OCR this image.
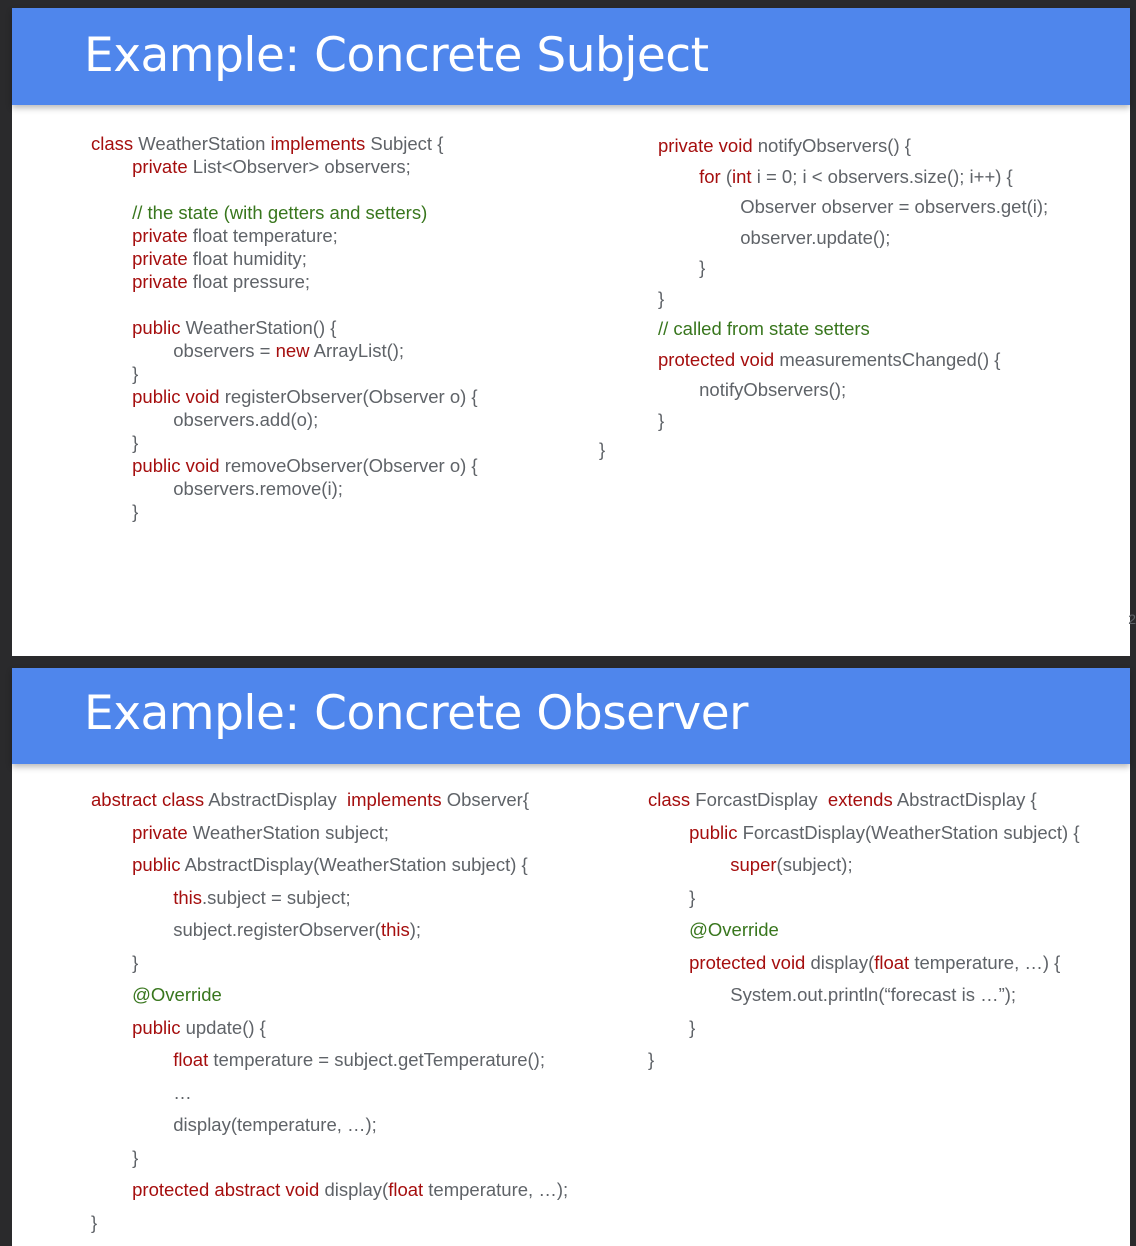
Example: Concrete Subject
class WeatherStation implements Subject {
private List<Observer> observers;

// the state (with getters and setters)
private float temperature;
private float humidity;
private float pressure;

public WeatherStation() {
observers = new ArrayList();
}
public void registerObserver(Observer o) {
observers.add(o);
}
public void removeObserver(Observer o) {
observers.remove(i);
}
private void notifyObservers() {
for (int i = 0; i < observers.size(); i++) {
Observer observer = observers.get(i);
observer.update();
}
}
// called from state setters
protected void measurementsChanged() {
notifyObservers();
}
}
2
Example: Concrete Observer
abstract class AbstractDisplay  implements Observer{
private WeatherStation subject;
public AbstractDisplay(WeatherStation subject) {
this.subject = subject;
subject.registerObserver(this);
}
@Override
public update() {
float temperature = subject.getTemperature();
…
display(temperature, …);
}
protected abstract void display(float temperature, …);
}
class ForcastDisplay  extends AbstractDisplay {
public ForcastDisplay(WeatherStation subject) {
super(subject);
}
@Override
protected void display(float temperature, …) {
System.out.println(“forecast is …”);
}
}
